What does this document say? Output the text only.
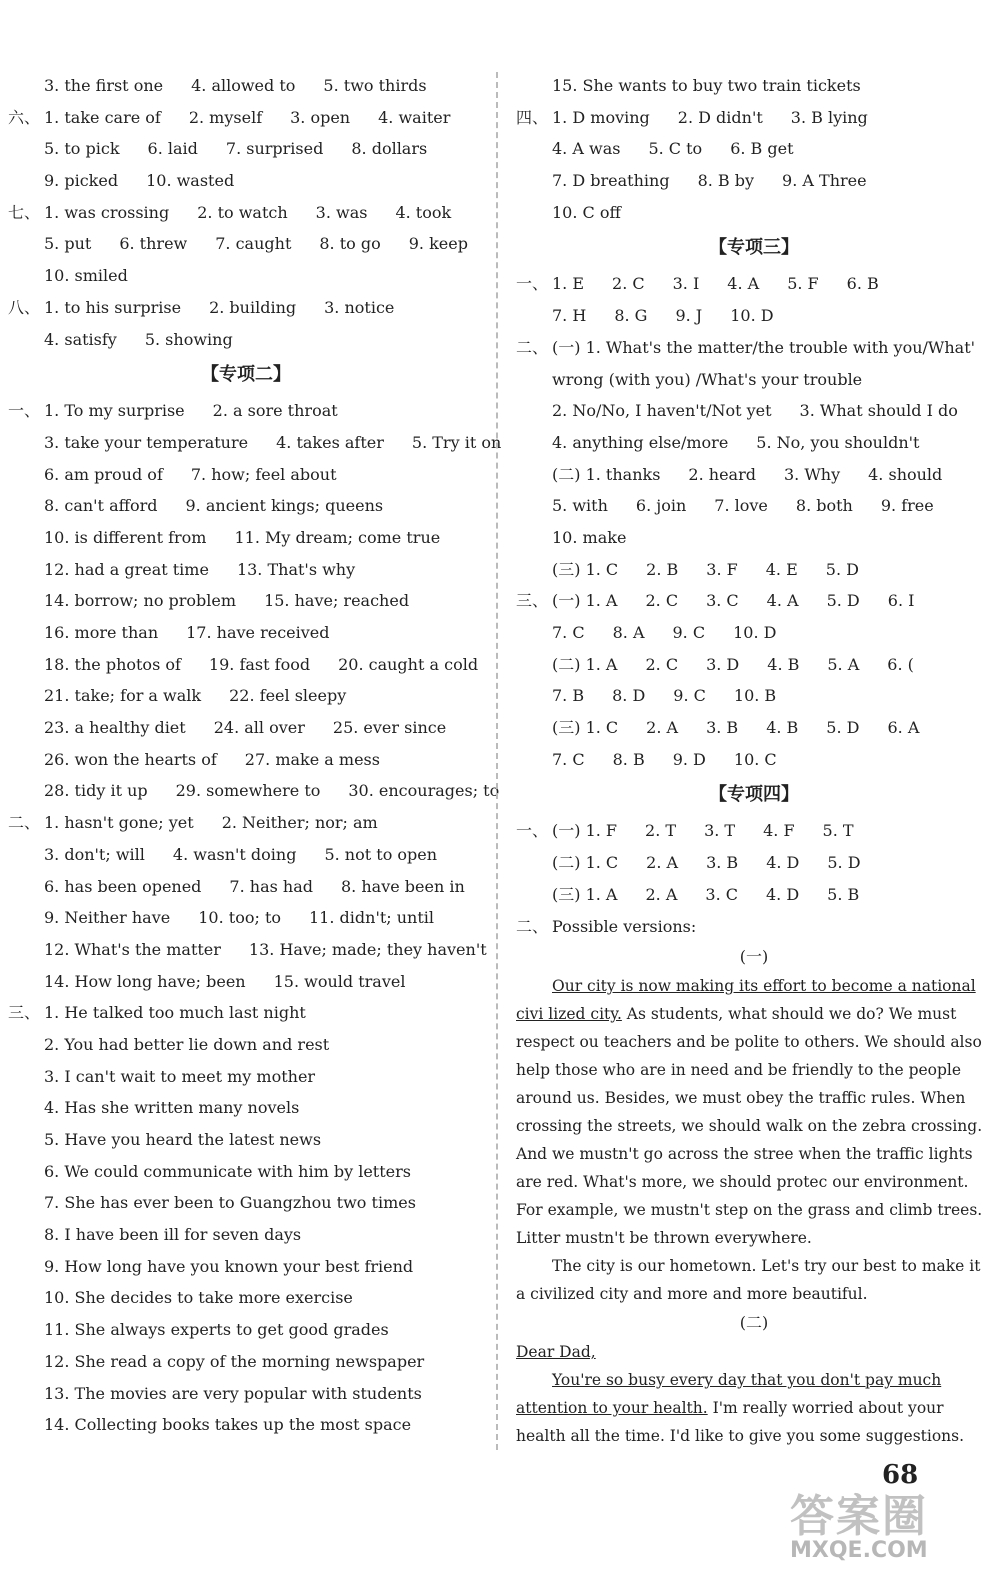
3. the first one 4. allowed to 5. two thirds
六、 1. take care of 2. myself 3. open 4. waiter
5. to pick 6. laid 7. surprised 8. dollars
9. picked 10. wasted
七、 1. was crossing 2. to watch 3. was 4. took
5. put 6. threw 7. caught 8. to go 9. keep
10. smiled
八、 1. to his surprise 2. building 3. notice
4. satisfy 5. showing
【专项二】
一、 1. To my surprise 2. a sore throat
3. take your temperature 4. takes after 5. Try it on
6. am proud of 7. how; feel about
8. can't afford 9. ancient kings; queens
10. is different from 11. My dream; come true
12. had a great time 13. That's why
14. borrow; no problem 15. have; reached
16. more than 17. have received
18. the photos of 19. fast food 20. caught a cold
21. take; for a walk 22. feel sleepy
23. a healthy diet 24. all over 25. ever since
26. won the hearts of 27. make a mess
28. tidy it up 29. somewhere to 30. encourages; to
二、 1. hasn't gone; yet 2. Neither; nor; am
3. don't; will 4. wasn't doing 5. not to open
6. has been opened 7. has had 8. have been in
9. Neither have 10. too; to 11. didn't; until
12. What's the matter 13. Have; made; they haven't
14. How long have; been 15. would travel
三、 1. He talked too much last night
2. You had better lie down and rest
3. I can't wait to meet my mother
4. Has she written many novels
5. Have you heard the latest news
6. We could communicate with him by letters
7. She has ever been to Guangzhou two times
8. I have been ill for seven days
9. How long have you known your best friend
10. She decides to take more exercise
11. She always experts to get good grades
12. She read a copy of the morning newspaper
13. The movies are very popular with students
14. Collecting books takes up the most space
15. She wants to buy two train tickets
四、 1. D moving 2. D didn't 3. B lying
4. A was 5. C to 6. B get
7. D breathing 8. B by 9. A Three
10. C off
【专项三】
一、 1. E 2. C 3. I 4. A 5. F 6. B
7. H 8. G 9. J 10. D
二、 (一) 1. What's the matter/the trouble with you/What'
wrong (with you) /What's your trouble
2. No/No, I haven't/Not yet 3. What should I do
4. anything else/more 5. No, you shouldn't
(二) 1. thanks 2. heard 3. Why 4. should
5. with 6. join 7. love 8. both 9. free
10. make
(三) 1. C 2. B 3. F 4. E 5. D
三、 (一) 1. A 2. C 3. C 4. A 5. D 6. I
7. C 8. A 9. C 10. D
(二) 1. A 2. C 3. D 4. B 5. A 6. (
7. B 8. D 9. C 10. B
(三) 1. C 2. A 3. B 4. B 5. D 6. A
7. C 8. B 9. D 10. C
【专项四】
一、 (一) 1. F 2. T 3. T 4. F 5. T
(二) 1. C 2. A 3. B 4. D 5. D
(三) 1. A 2. A 3. C 4. D 5. B
二、 Possible versions:
(一)

Our city is now making its effort to become a national civi lized city. As students, what should we do? We must respect ou teachers and be polite to others. We should also help those who are in need and be friendly to the people around us. Besides, we must obey the traffic rules. When crossing the streets, we should walk on the zebra crossing. And we mustn't go across the stree when the traffic lights are red. What's more, we should protec our environment. For example, we mustn't step on the grass and climb trees. Litter mustn't be thrown everywhere.

The city is our hometown. Let's try our best to make it a civilized city and more and more beautiful.

(二)

Dear Dad,

You're so busy every day that you don't pay much attention to your health. I'm really worried about your health all the time. I'd like to give you some suggestions.

68
答案圈
MXQE.COM
